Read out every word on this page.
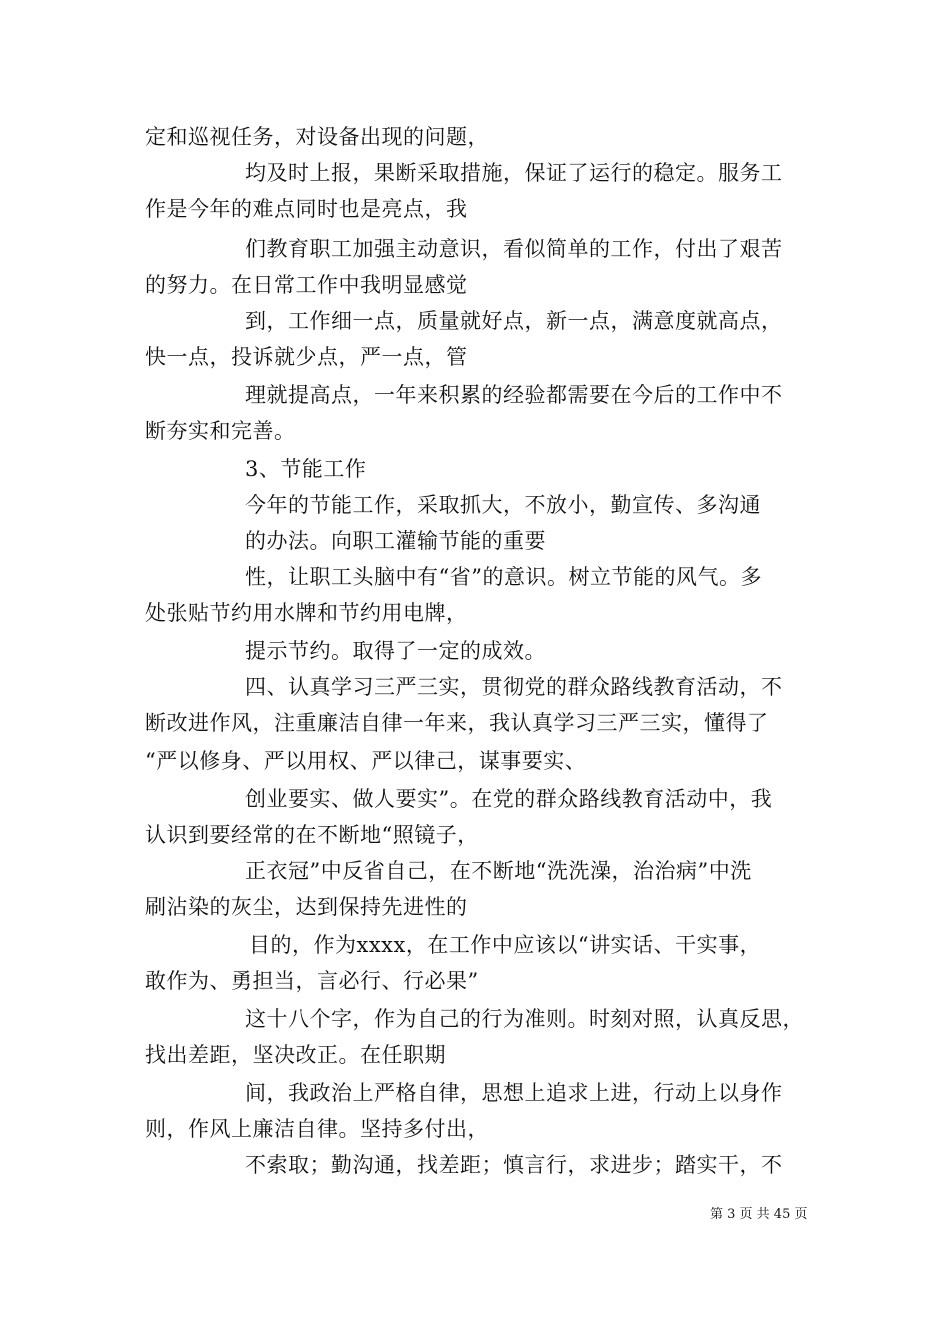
定和巡视任务，对设备出现的问题，
均及时上报，果断采取措施，保证了运行的稳定。服务工
作是今年的难点同时也是亮点，我
们教育职工加强主动意识，看似简单的工作，付出了艰苦
的努力。在日常工作中我明显感觉
到，工作细一点，质量就好点，新一点，满意度就高点，
快一点，投诉就少点，严一点，管
理就提高点，一年来积累的经验都需要在今后的工作中不
断夯实和完善。
3、节能工作
今年的节能工作，采取抓大，不放小，勤宣传、多沟通
的办法。向职工灌输节能的重要
性，让职工头脑中有“省”的意识。树立节能的风气。多
处张贴节约用水牌和节约用电牌，
提示节约。取得了一定的成效。
四、认真学习三严三实，贯彻党的群众路线教育活动，不
断改进作风，注重廉洁自律一年来，我认真学习三严三实，懂得了
“严以修身、严以用权、严以律己，谋事要实、
创业要实、做人要实”。在党的群众路线教育活动中，我
认识到要经常的在不断地“照镜子，
正衣冠”中反省自己，在不断地“洗洗澡，治治病”中洗
刷沾染的灰尘，达到保持先进性的
目的，作为xxxx，在工作中应该以“讲实话、干实事，
敢作为、勇担当，言必行、行必果”
这十八个字，作为自己的行为准则。时刻对照，认真反思，
找出差距，坚决改正。在任职期
间，我政治上严格自律，思想上追求上进，行动上以身作
则，作风上廉洁自律。坚持多付出，
不索取；勤沟通，找差距；慎言行，求进步；踏实干，不
第 3 页 共 45 页
